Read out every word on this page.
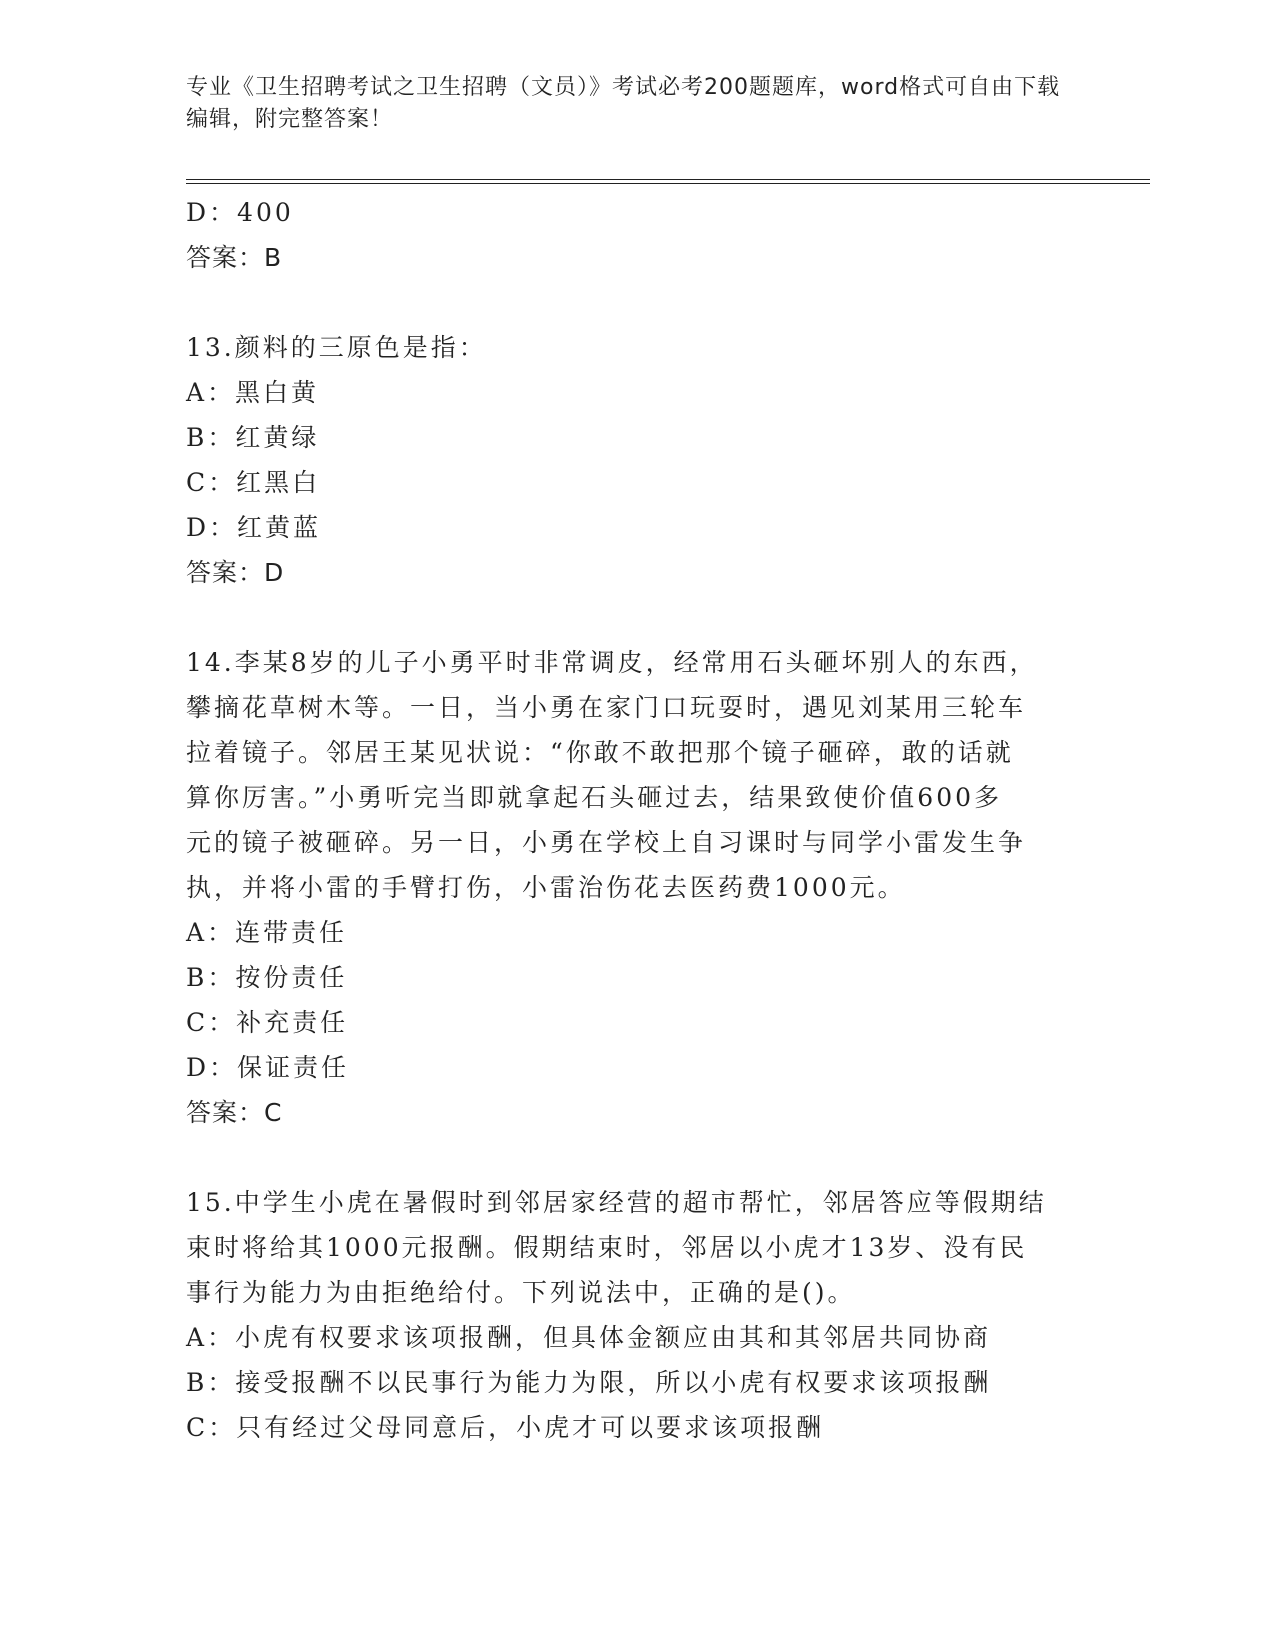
专业《卫生招聘考试之卫生招聘（文员）》考试必考200题题库，word格式可自由下载编辑，附完整答案！
D：400
答案：B
13.颜料的三原色是指：
A：黑白黄
B：红黄绿
C：红黑白
D：红黄蓝
答案：D
14.李某8岁的儿子小勇平时非常调皮，经常用石头砸坏别人的东西，
攀摘花草树木等。一日，当小勇在家门口玩耍时，遇见刘某用三轮车
拉着镜子。邻居王某见状说：“你敢不敢把那个镜子砸碎，敢的话就
算你厉害。”小勇听完当即就拿起石头砸过去，结果致使价值600多
元的镜子被砸碎。另一日，小勇在学校上自习课时与同学小雷发生争
执，并将小雷的手臂打伤，小雷治伤花去医药费1000元。
A：连带责任
B：按份责任
C：补充责任
D：保证责任
答案：C
15.中学生小虎在暑假时到邻居家经营的超市帮忙，邻居答应等假期结
束时将给其1000元报酬。假期结束时，邻居以小虎才13岁、没有民
事行为能力为由拒绝给付。下列说法中，正确的是()。
A：小虎有权要求该项报酬，但具体金额应由其和其邻居共同协商
B：接受报酬不以民事行为能力为限，所以小虎有权要求该项报酬
C：只有经过父母同意后，小虎才可以要求该项报酬
